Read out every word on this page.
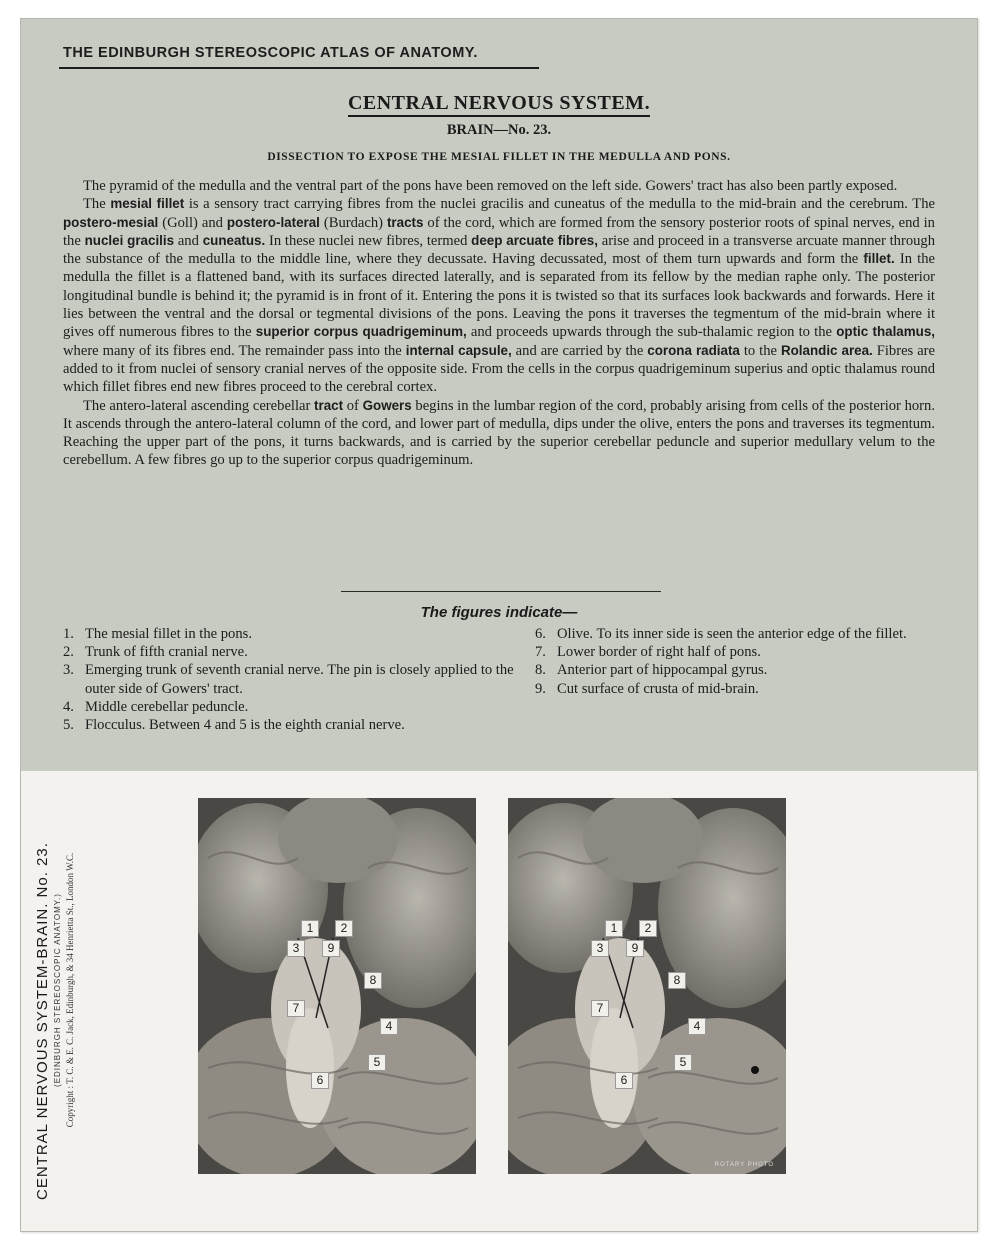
THE EDINBURGH STEREOSCOPIC ATLAS OF ANATOMY.
CENTRAL NERVOUS SYSTEM.
BRAIN—No. 23.
DISSECTION TO EXPOSE THE MESIAL FILLET IN THE MEDULLA AND PONS.

The pyramid of the medulla and the ventral part of the pons have been removed on the left side. Gowers' tract has also been partly exposed.

The mesial fillet is a sensory tract carrying fibres from the nuclei gracilis and cuneatus of the medulla to the mid-brain and the cerebrum. The postero-mesial (Goll) and postero-lateral (Burdach) tracts of the cord, which are formed from the sensory posterior roots of spinal nerves, end in the nuclei gracilis and cuneatus. In these nuclei new fibres, termed deep arcuate fibres, arise and proceed in a transverse arcuate manner through the substance of the medulla to the middle line, where they decussate. Having decussated, most of them turn upwards and form the fillet. In the medulla the fillet is a flattened band, with its surfaces directed laterally, and is separated from its fellow by the median raphe only. The posterior longitudinal bundle is behind it; the pyramid is in front of it. Entering the pons it is twisted so that its surfaces look backwards and forwards. Here it lies between the ventral and the dorsal or tegmental divisions of the pons. Leaving the pons it traverses the tegmentum of the mid-brain where it gives off numerous fibres to the superior corpus quadrigeminum, and proceeds upwards through the sub-thalamic region to the optic thalamus, where many of its fibres end. The remainder pass into the internal capsule, and are carried by the corona radiata to the Rolandic area. Fibres are added to it from nuclei of sensory cranial nerves of the opposite side. From the cells in the corpus quadrigeminum superius and optic thalamus round which fillet fibres end new fibres proceed to the cerebral cortex.

The antero-lateral ascending cerebellar tract of Gowers begins in the lumbar region of the cord, probably arising from cells of the posterior horn. It ascends through the antero-lateral column of the cord, and lower part of medulla, dips under the olive, enters the pons and traverses its tegmentum. Reaching the upper part of the pons, it turns backwards, and is carried by the superior cerebellar peduncle and superior medullary velum to the cerebellum. A few fibres go up to the superior corpus quadrigeminum.

The figures indicate—
1. The mesial fillet in the pons.
2. Trunk of fifth cranial nerve.
3. Emerging trunk of seventh cranial nerve. The pin is closely applied to the outer side of Gowers' tract.
4. Middle cerebellar peduncle.
5. Flocculus. Between 4 and 5 is the eighth cranial nerve.
6. Olive. To its inner side is seen the anterior edge of the fillet.
7. Lower border of right half of pons.
8. Anterior part of hippocampal gyrus.
9. Cut surface of crusta of mid-brain.
CENTRAL NERVOUS SYSTEM-BRAIN. No. 23. (EDINBURGH STEREOSCOPIC ANATOMY.) Copyright : T. C. & E. C. Jack, Edinburgh, & 34 Henrietta St., London W.C.	1	2
3	9
8
7
4
5
6
1	2
3	9
8
7
4
5
6
ROTARY PHOTO
